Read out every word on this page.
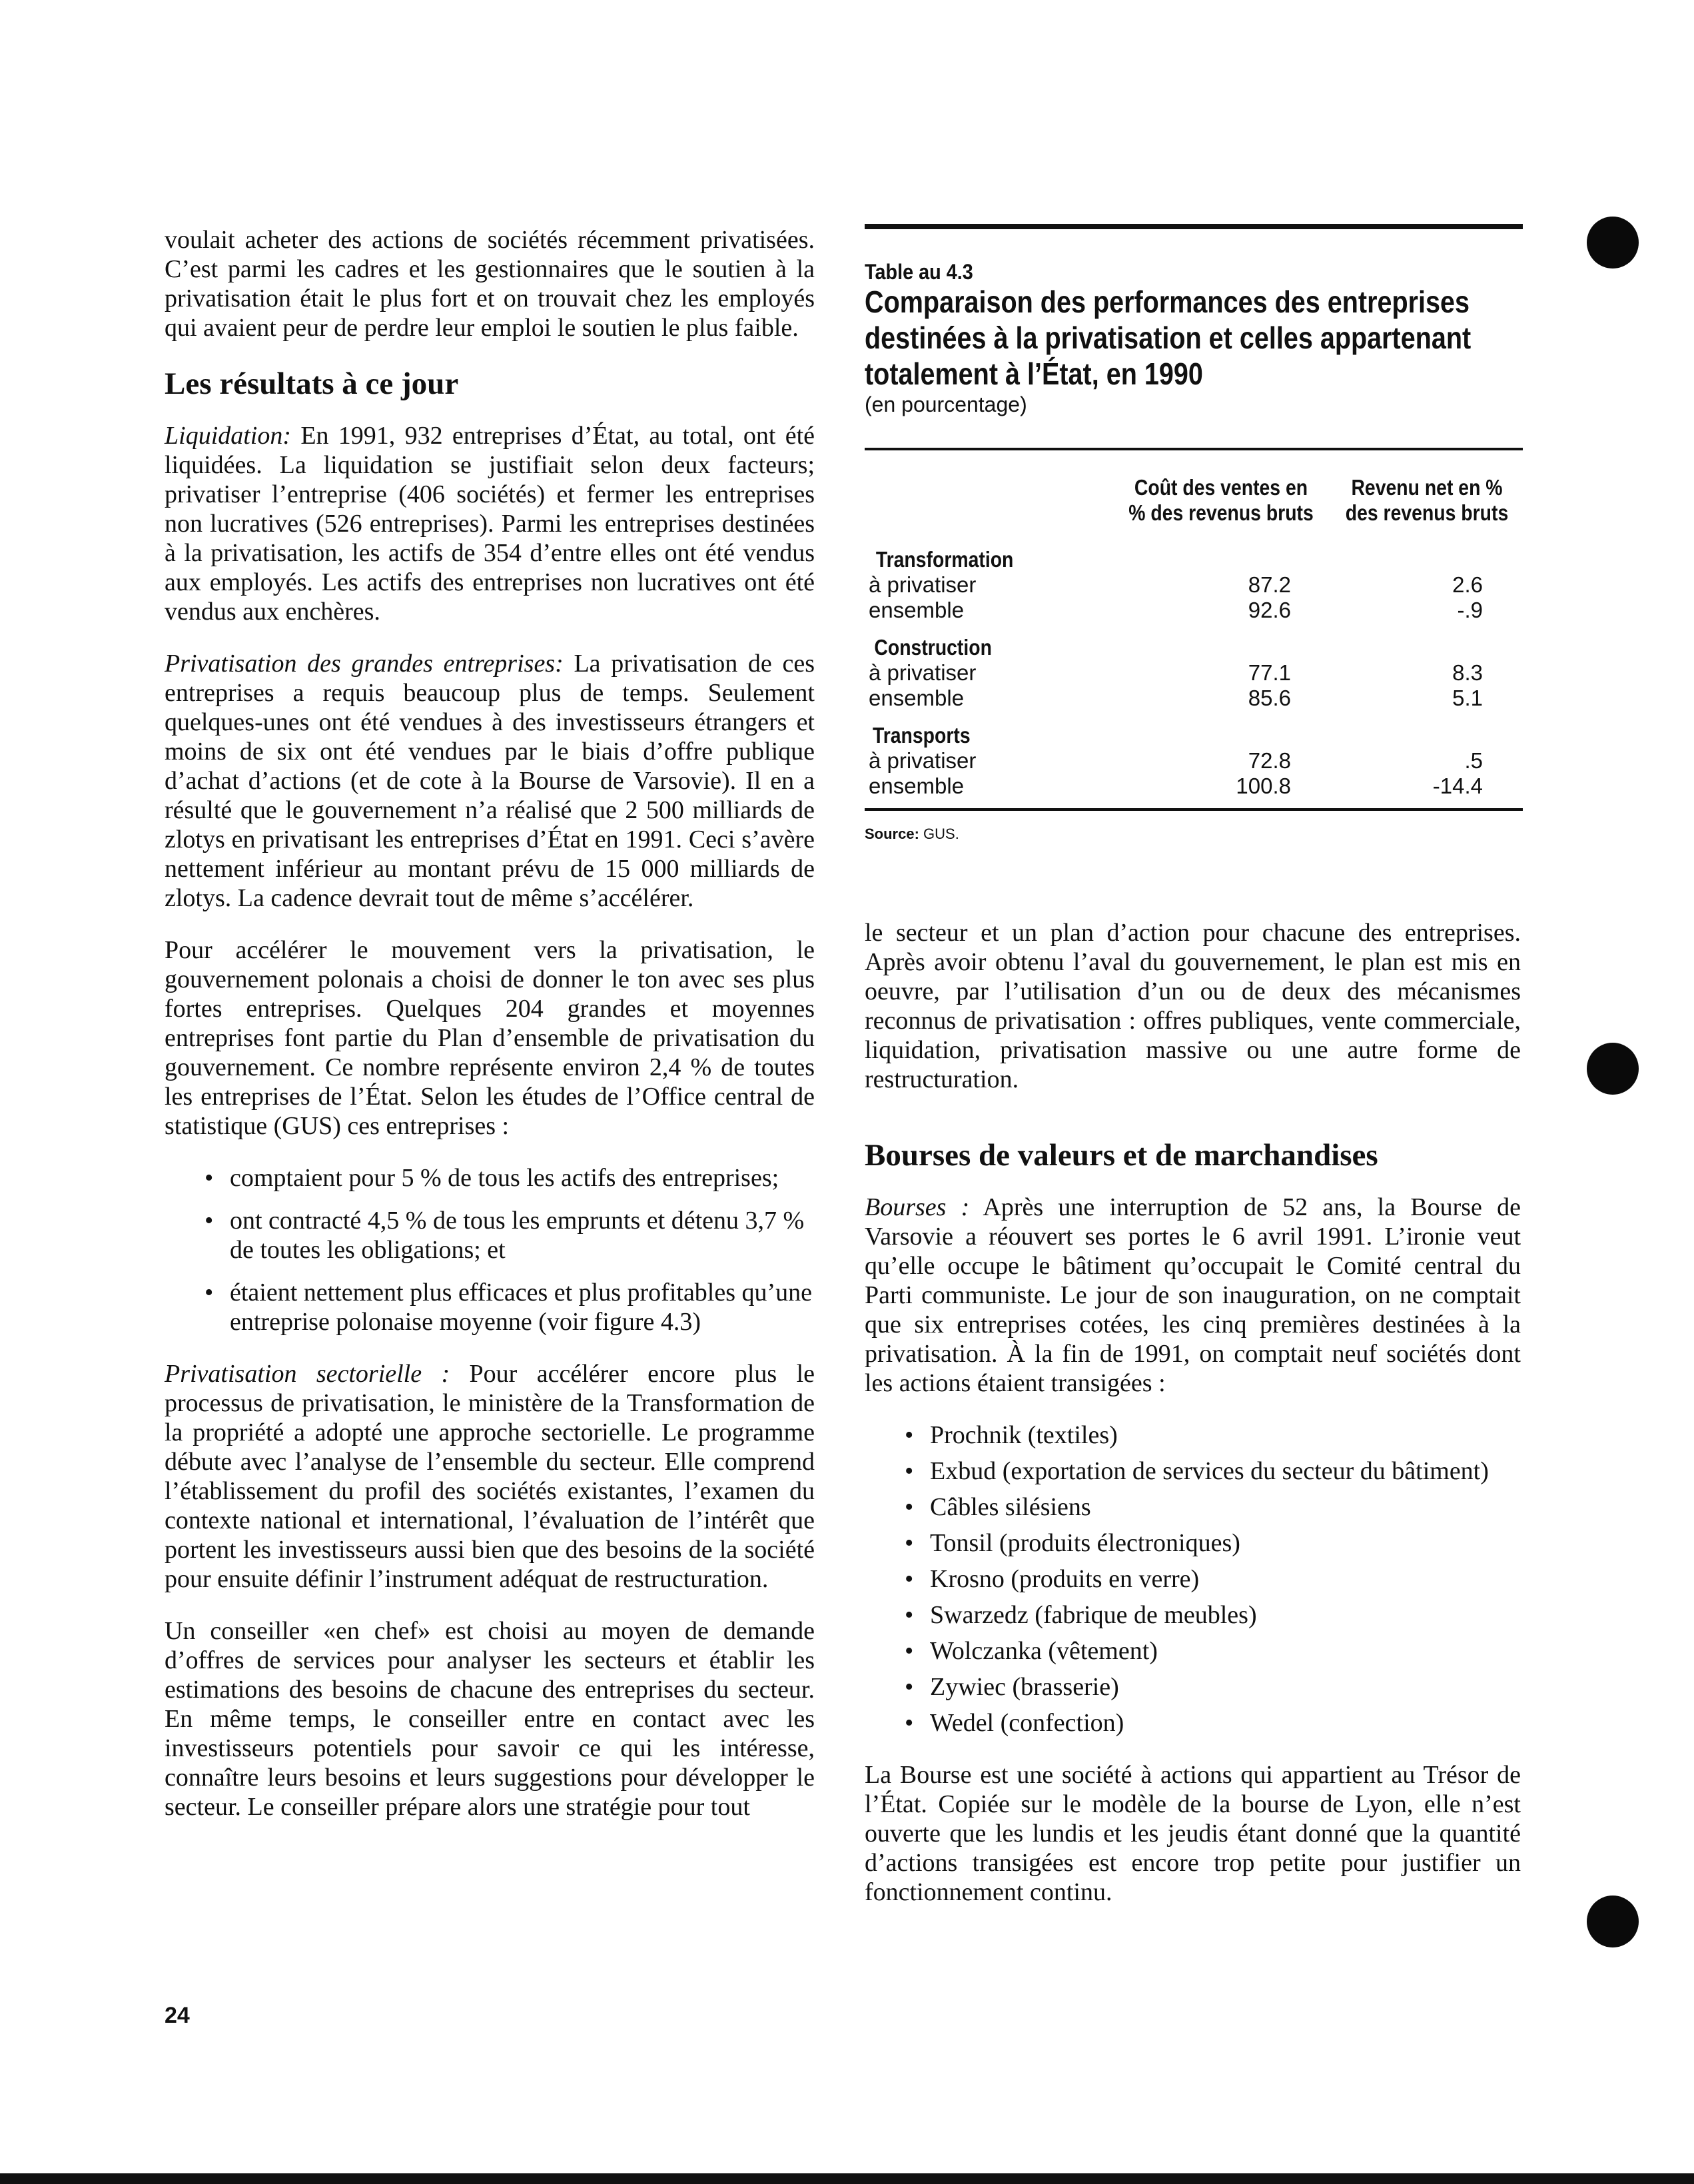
voulait acheter des actions de sociétés récemment privatisées. C’est parmi les cadres et les gestionnaires que le soutien à la privatisation était le plus fort et on trouvait chez les employés qui avaient peur de perdre leur emploi le soutien le plus faible.

Les résultats à ce jour

Liquidation: En 1991, 932 entreprises d’État, au total, ont été liquidées. La liquidation se justifiait selon deux facteurs; privatiser l’entreprise (406 sociétés) et fermer les entreprises non lucratives (526 entreprises). Parmi les entreprises destinées à la privatisation, les actifs de 354 d’entre elles ont été vendus aux employés. Les actifs des entreprises non lucratives ont été vendus aux enchères.

Privatisation des grandes entreprises: La privatisation de ces entreprises a requis beaucoup plus de temps. Seulement quelques-unes ont été vendues à des investisseurs étrangers et moins de six ont été vendues par le biais d’offre publique d’achat d’actions (et de cote à la Bourse de Varsovie). Il en a résulté que le gouvernement n’a réalisé que 2 500 milliards de zlotys en privatisant les entreprises d’État en 1991. Ceci s’avère nettement inférieur au montant prévu de 15 000 milliards de zlotys. La cadence devrait tout de même s’accélérer.

Pour accélérer le mouvement vers la privatisation, le gouvernement polonais a choisi de donner le ton avec ses plus fortes entreprises. Quelques 204 grandes et moyennes entreprises font partie du Plan d’ensemble de privatisation du gouvernement. Ce nombre représente environ 2,4 % de toutes les entreprises de l’État. Selon les études de l’Office central de statistique (GUS) ces entreprises :

• comptaient pour 5 % de tous les actifs des entreprises;
• ont contracté 4,5 % de tous les emprunts et détenu 3,7 % de toutes les obligations; et
• étaient nettement plus efficaces et plus profitables qu’une entreprise polonaise moyenne (voir figure 4.3)

Privatisation sectorielle : Pour accélérer encore plus le processus de privatisation, le ministère de la Transformation de la propriété a adopté une approche sectorielle. Le programme débute avec l’analyse de l’ensemble du secteur. Elle comprend l’établissement du profil des sociétés existantes, l’examen du contexte national et international, l’évaluation de l’intérêt que portent les investisseurs aussi bien que des besoins de la société pour ensuite définir l’instrument adéquat de restructuration.

Un conseiller «en chef» est choisi au moyen de demande d’offres de services pour analyser les secteurs et établir les estimations des besoins de chacune des entreprises du secteur. En même temps, le conseiller entre en contact avec les investisseurs potentiels pour savoir ce qui les intéresse, connaître leurs besoins et leurs suggestions pour développer le secteur. Le conseiller prépare alors une stratégie pour tout

Table au 4.3
Comparaison des performances des entreprises destinées à la privatisation et celles appartenant totalement à l’État, en 1990
(en pourcentage)
	Coût des ventes en % des revenus bruts	Revenu net en % des revenus bruts
Transformation		
à privatiser	87.2	2.6
ensemble	92.6	-.9
Construction		
à privatiser	77.1	8.3
ensemble	85.6	5.1
Transports		
à privatiser	72.8	.5
ensemble	100.8	-14.4
Source: GUS.

le secteur et un plan d’action pour chacune des entreprises. Après avoir obtenu l’aval du gouvernement, le plan est mis en oeuvre, par l’utilisation d’un ou de deux des mécanismes reconnus de privatisation : offres publiques, vente commerciale, liquidation, privatisation massive ou une autre forme de restructuration.

Bourses de valeurs et de marchandises

Bourses : Après une interruption de 52 ans, la Bourse de Varsovie a réouvert ses portes le 6 avril 1991. L’ironie veut qu’elle occupe le bâtiment qu’occupait le Comité central du Parti communiste. Le jour de son inauguration, on ne comptait que six entreprises cotées, les cinq premières destinées à la privatisation. À la fin de 1991, on comptait neuf sociétés dont les actions étaient transigées :

• Prochnik (textiles)
• Exbud (exportation de services du secteur du bâtiment)
• Câbles silésiens
• Tonsil (produits électroniques)
• Krosno (produits en verre)
• Swarzedz (fabrique de meubles)
• Wolczanka (vêtement)
• Zywiec (brasserie)
• Wedel (confection)

La Bourse est une société à actions qui appartient au Trésor de l’État. Copiée sur le modèle de la bourse de Lyon, elle n’est ouverte que les lundis et les jeudis étant donné que la quantité d’actions transigées est encore trop petite pour justifier un fonctionnement continu.

24
